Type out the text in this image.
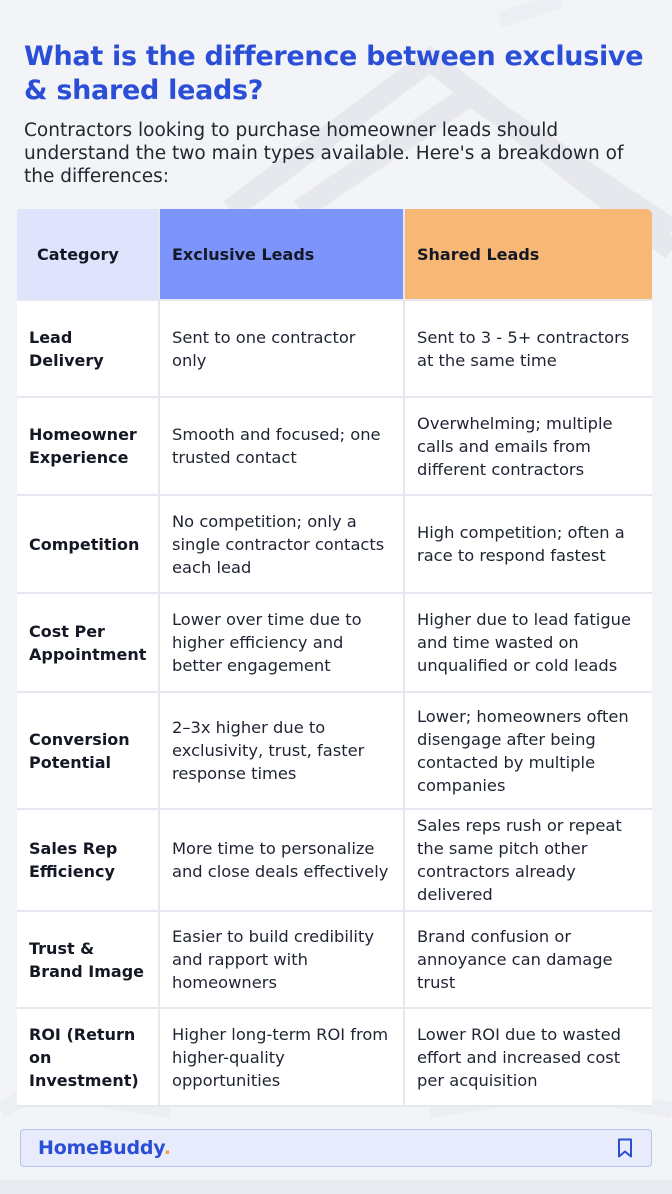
What is the difference between exclusive & shared leads?

Contractors looking to purchase homeowner leads should understand the two main types available. Here's a breakdown of the differences:

Category	Exclusive Leads	Shared Leads
Lead Delivery
Sent to one contractor only
Sent to 3 - 5+ contractors at the same time
Homeowner Experience
Smooth and focused; one trusted contact
Overwhelming; multiple calls and emails from different contractors
Competition
No competition; only a single contractor contacts each lead
High competition; often a race to respond fastest
Cost Per Appointment
Lower over time due to higher efficiency and better engagement
Higher due to lead fatigue and time wasted on unqualified or cold leads
Conversion Potential
2–3x higher due to exclusivity, trust, faster response times
Lower; homeowners often disengage after being contacted by multiple companies
Sales Rep Efficiency
More time to personalize and close deals effectively
Sales reps rush or repeat the same pitch other contractors already delivered
Trust & Brand Image
Easier to build credibility and rapport with homeowners
Brand confusion or annoyance can damage trust
ROI (Return on Investment)
Higher long-term ROI from higher-quality opportunities
Lower ROI due to wasted effort and increased cost per acquisition
HomeBuddy.
